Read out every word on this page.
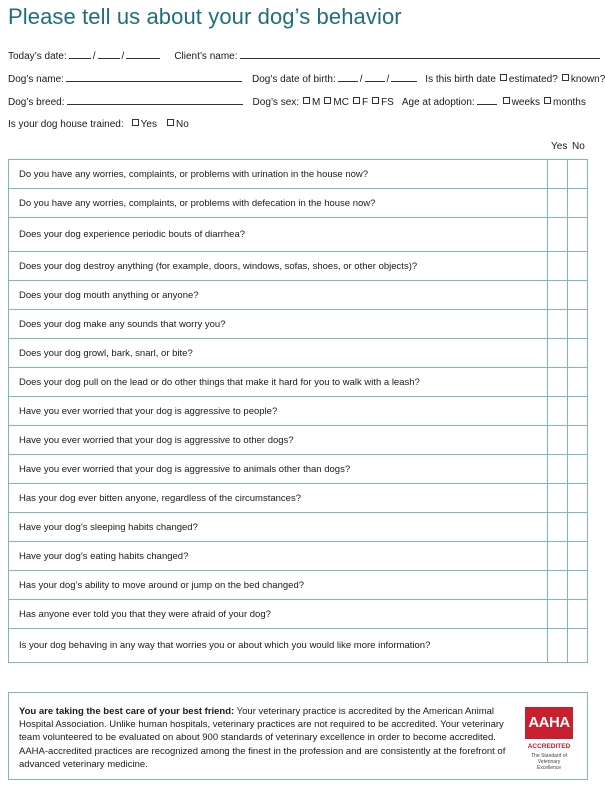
Please tell us about your dog’s behavior
Today’s date:	/	/	Client’s name:
Dog’s name:	Dog’s date of birth: / /	Is this birth date estimated? known?
Dog’s breed:	Dog’s sex: M MC F FS Age at adoption:	weeks months
Is your dog house trained: Yes No
Yes No
Do you have any worries, complaints, or problems with urination in the house now?		
Do you have any worries, complaints, or problems with defecation in the house now?		
Does your dog experience periodic bouts of diarrhea?		
Does your dog destroy anything (for example, doors, windows, sofas, shoes, or other objects)?		
Does your dog mouth anything or anyone?		
Does your dog make any sounds that worry you?		
Does your dog growl, bark, snarl, or bite?		
Does your dog pull on the lead or do other things that make it hard for you to walk with a leash?		
Have you ever worried that your dog is aggressive to people?		
Have you ever worried that your dog is aggressive to other dogs?		
Have you ever worried that your dog is aggressive to animals other than dogs?		
Has your dog ever bitten anyone, regardless of the circumstances?		
Have your dog’s sleeping habits changed?		
Have your dog’s eating habits changed?		
Has your dog’s ability to move around or jump on the bed changed?		
Has anyone ever told you that they were afraid of your dog?		
Is your dog behaving in any way that worries you or about which you would like more information?		
You are taking the best care of your best friend: Your veterinary practice is accredited by the American Animal Hospital Association. Unlike human hospitals, veterinary practices are not required to be accredited. Your veterinary team volunteered to be evaluated on about 900 standards of veterinary excellence in order to become accredited. AAHA-accredited practices are recognized among the finest in the profession and are consistently at the forefront of advanced veterinary medicine.
AAHA
ACCREDITED
The Standard of Veterinary Excellence
